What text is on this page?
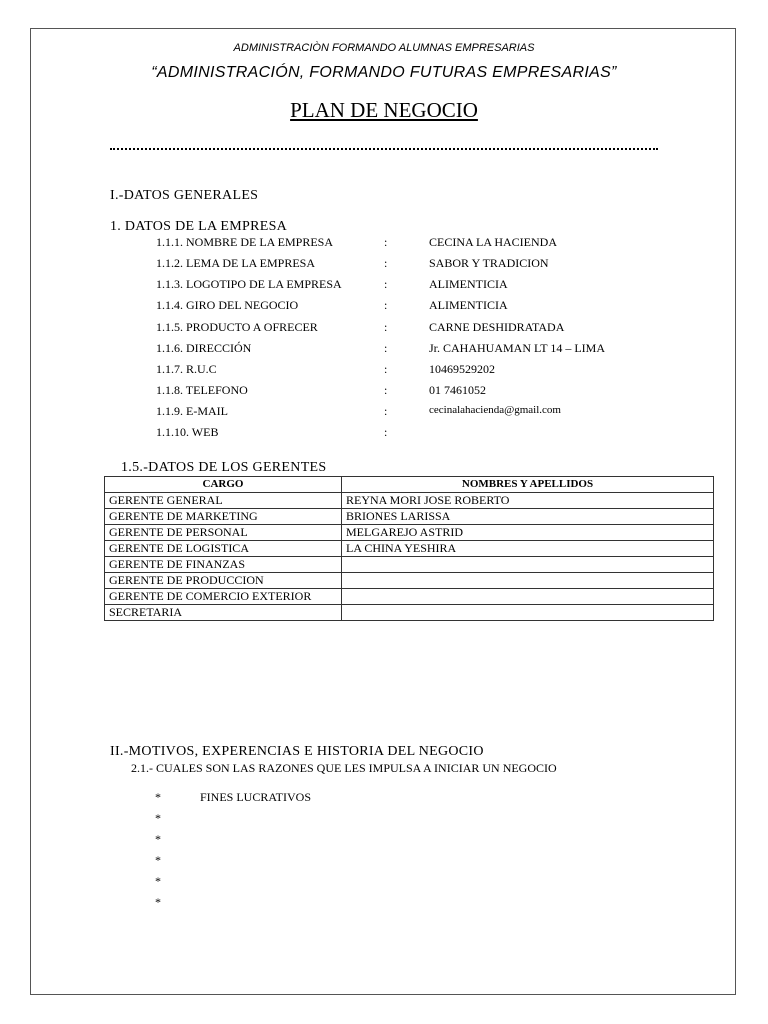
ADMINISTRACIÒN FORMANDO ALUMNAS EMPRESARIAS
“ADMINISTRACIÓN, FORMANDO FUTURAS EMPRESARIAS”
PLAN DE NEGOCIO
I.-DATOS GENERALES
1. DATOS DE LA EMPRESA
1.1.1. NOMBRE DE LA EMPRESA	:	CECINA LA HACIENDA
1.1.2. LEMA DE LA EMPRESA	:	SABOR Y TRADICION
1.1.3. LOGOTIPO DE LA EMPRESA	:	ALIMENTICIA
1.1.4. GIRO DEL NEGOCIO	:	ALIMENTICIA
1.1.5. PRODUCTO A OFRECER	:	CARNE DESHIDRATADA
1.1.6. DIRECCIÓN	:	Jr. CAHAHUAMAN LT 14 – LIMA
1.1.7. R.U.C	:	10469529202
1.1.8. TELEFONO	:	01 7461052
1.1.9. E-MAIL	:	cecinalahacienda@gmail.com
1.1.10. WEB	:
1.5.-DATOS DE LOS GERENTES
CARGO	NOMBRES Y APELLIDOS
GERENTE GENERAL	REYNA MORI JOSE ROBERTO
GERENTE DE MARKETING	BRIONES LARISSA
GERENTE DE PERSONAL	MELGAREJO ASTRID
GERENTE DE LOGISTICA	LA CHINA YESHIRA
GERENTE DE FINANZAS	
GERENTE DE PRODUCCION	
GERENTE DE COMERCIO EXTERIOR	
SECRETARIA	
II.-MOTIVOS, EXPERENCIAS E HISTORIA DEL NEGOCIO
2.1.- CUALES SON LAS RAZONES QUE LES IMPULSA A INICIAR UN NEGOCIO
*	FINES LUCRATIVOS
*
*
*
*
*
